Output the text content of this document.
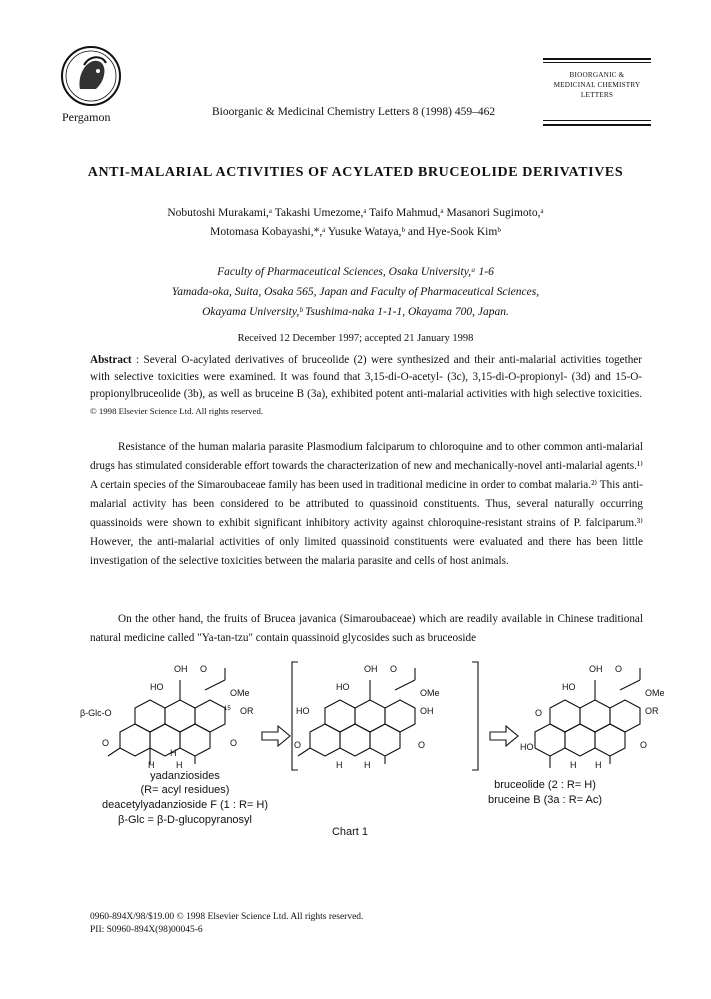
Pergamon	Bioorganic & Medicinal Chemistry Letters 8 (1998) 459–462
BIOORGANIC &
MEDICINAL CHEMISTRY
LETTERS
ANTI-MALARIAL ACTIVITIES OF ACYLATED BRUCEOLIDE DERIVATIVES
Nobutoshi Murakami,ᵃ Takashi Umezome,ᵃ Taifo Mahmud,ᵃ Masanori Sugimoto,ᵃ
Motomasa Kobayashi,*,ᵃ Yusuke Wataya,ᵇ and Hye-Sook Kimᵇ
Faculty of Pharmaceutical Sciences, Osaka University,ᵃ 1-6
Yamada-oka, Suita, Osaka 565, Japan and Faculty of Pharmaceutical Sciences,
Okayama University,ᵇ Tsushima-naka 1-1-1, Okayama 700, Japan.
Received 12 December 1997; accepted 21 January 1998
Abstract : Several O-acylated derivatives of bruceolide (2) were synthesized and their anti-malarial activities together with selective toxicities were examined. It was found that 3,15-di-O-acetyl- (3c), 3,15-di-O-propionyl- (3d) and 15-O-propionylbruceolide (3b), as well as bruceine B (3a), exhibited potent anti-malarial activities with high selective toxicities. © 1998 Elsevier Science Ltd. All rights reserved.
Resistance of the human malaria parasite Plasmodium falciparum to chloroquine and to other common anti-malarial drugs has stimulated considerable effort towards the characterization of new and mechanically-novel anti-malarial agents.¹⁾ A certain species of the Simaroubaceae family has been used in traditional medicine in order to combat malaria.²⁾ This anti-malarial activity has been considered to be attributed to quassinoid constituents. Thus, several naturally occurring quassinoids were shown to exhibit significant inhibitory activity against chloroquine-resistant strains of P. falciparum.³⁾ However, the anti-malarial activities of only limited quassinoid constituents were evaluated and there has been little investigation of the selective toxicities between the malaria parasite and cells of host animals.
On the other hand, the fruits of Brucea javanica (Simaroubaceae) which are readily available in Chinese traditional natural medicine called "Ya-tan-tzu" contain quassinoid glycosides such as bruceoside
OH O
HO
OMe
OR
15
β-Glc-O
O	O
H
H H
OH O
HO
OMe
OH
HO
O	O
H H
OH O
HO
OMe
OR
O
HO	O
H H
yadanziosides
(R= acyl residues)
deacetylyadanzioside F (1 : R= H)
β-Glc = β-D-glucopyranosyl
bruceolide (2 : R= H)
bruceine B (3a : R= Ac)
Chart 1
0960-894X/98/$19.00 © 1998 Elsevier Science Ltd. All rights reserved.
PII: S0960-894X(98)00045-6
